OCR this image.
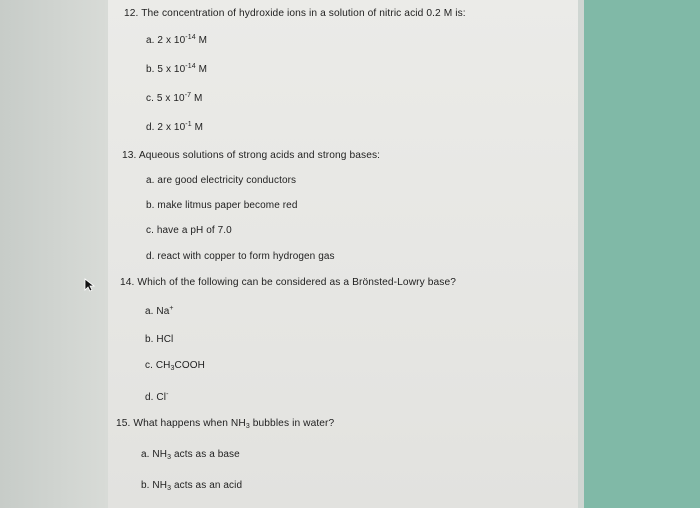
12. The concentration of hydroxide ions in a solution of nitric acid 0.2 M is:
a. 2 x $10^{-14}$ M
b. 5 x $10^{-14}$ M
c. 5 x $10^{-7}$ M
d. 2 x $10^{-1}$ M
13. Aqueous solutions of strong acids and strong bases:
a. are good electricity conductors
b. make litmus paper become red
c. have a pH of 7.0
d. react with copper to form hydrogen gas
14. Which of the following can be considered as a Brönsted-Lowry base?
a. Na+
b. HCl
c. $CH_3COOH$
d. Cl-
15. What happens when $NH_3$ bubbles in water?
a. $NH_3$ acts as a base
b. $NH_3$ acts as an acid
